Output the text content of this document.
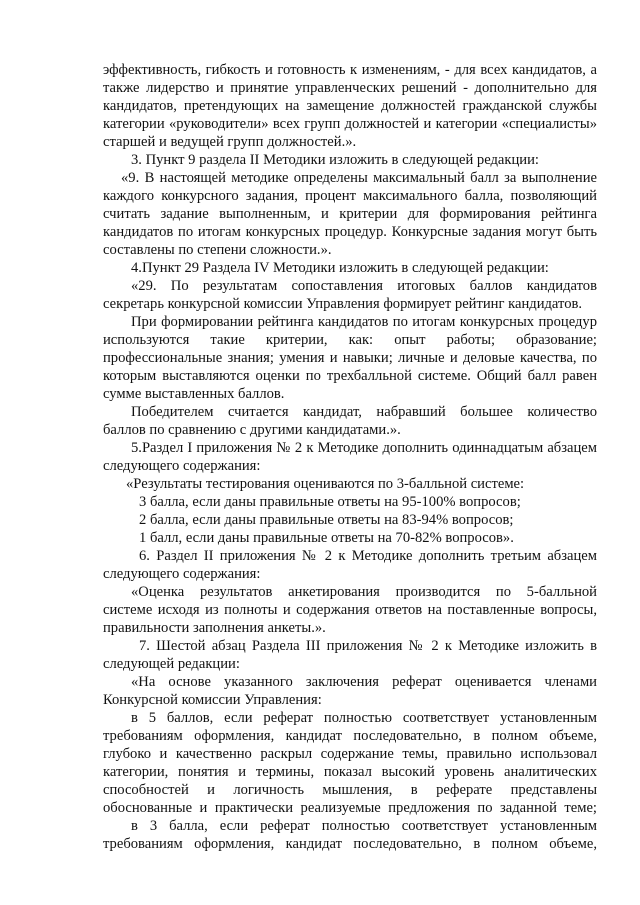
эффективность, гибкость и готовность к изменениям, - для всех кандидатов, а
также лидерство и принятие управленческих решений - дополнительно для
кандидатов, претендующих на замещение должностей гражданской службы
категории «руководители» всех групп должностей и категории «специалисты»
старшей и ведущей групп должностей.».
3. Пункт 9 раздела II Методики изложить в следующей редакции:
«9. В настоящей методике определены максимальный балл за выполнение
каждого конкурсного задания, процент максимального балла, позволяющий
считать задание выполненным, и критерии для формирования рейтинга
кандидатов по итогам конкурсных процедур. Конкурсные задания могут быть
составлены по степени сложности.».
4.Пункт 29 Раздела IV Методики изложить в следующей редакции:
«29. По результатам сопоставления итоговых баллов кандидатов
секретарь конкурсной комиссии Управления формирует рейтинг кандидатов.
При формировании рейтинга кандидатов по итогам конкурсных процедур
используются такие критерии, как: опыт работы; образование;
профессиональные знания; умения и навыки; личные и деловые качества, по
которым выставляются оценки по трехбалльной системе. Общий балл равен
сумме выставленных баллов.
Победителем считается кандидат, набравший большее количество
баллов по сравнению с другими кандидатами.».
5.Раздел I приложения № 2 к Методике дополнить одиннадцатым абзацем
следующего содержания:
«Результаты тестирования оцениваются по 3-балльной системе:
3 балла, если даны правильные ответы на 95-100% вопросов;
2 балла, если даны правильные ответы на 83-94% вопросов;
1 балл, если даны правильные ответы на 70-82% вопросов».
6. Раздел II приложения № 2 к Методике дополнить третьим абзацем
следующего содержания:
«Оценка результатов анкетирования производится по 5-балльной
системе исходя из полноты и содержания ответов на поставленные вопросы,
правильности заполнения анкеты.».
7. Шестой абзац Раздела III приложения № 2 к Методике изложить в
следующей редакции:
«На основе указанного заключения реферат оценивается членами
Конкурсной комиссии Управления:
в 5 баллов, если реферат полностью соответствует установленным
требованиям оформления, кандидат последовательно, в полном объеме,
глубоко и качественно раскрыл содержание темы, правильно использовал
категории, понятия и термины, показал высокий уровень аналитических
способностей и логичность мышления, в реферате представлены
обоснованные и практически реализуемые предложения по заданной теме;
в 3 балла, если реферат полностью соответствует установленным
требованиям оформления, кандидат последовательно, в полном объеме,
